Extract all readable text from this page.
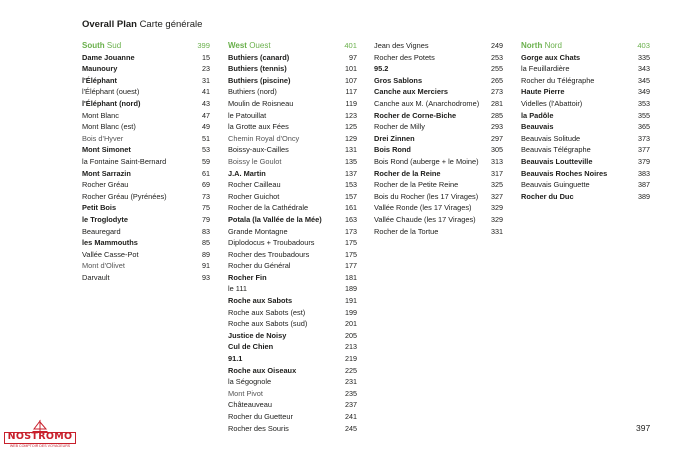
Overall Plan Carte générale
South Sud	399
Dame Jouanne	15
Maunoury	23
l'Éléphant	31
l'Éléphant (ouest)	41
l'Éléphant (nord)	43
Mont Blanc	47
Mont Blanc (est)	49
Bois d'Hyver	51
Mont Simonet	53
la Fontaine Saint-Bernard	59
Mont Sarrazin	61
Rocher Gréau	69
Rocher Gréau (Pyrénées)	73
Petit Bois	75
le Troglodyte	79
Beauregard	83
les Mammouths	85
Vallée Casse-Pot	89
Mont d'Olivet	91
Darvault	93
West Ouest	401
Buthiers (canard)	97
Buthiers (tennis)	101
Buthiers (piscine)	107
Buthiers (nord)	117
Moulin de Roisneau	119
le Patouillat	123
la Grotte aux Fées	125
Chemin Royal d'Oncy	129
Boissy-aux-Cailles	131
Boissy le Goulot	135
J.A. Martin	137
Rocher Cailleau	153
Rocher Guichot	157
Rocher de la Cathédrale	161
Potala (la Vallée de la Mée)	163
Grande Montagne	173
Diplodocus + Troubadours	175
Rocher des Troubadours	175
Rocher du Général	177
Rocher Fin	181
le 111	189
Roche aux Sabots	191
Roche aux Sabots (est)	199
Roche aux Sabots (sud)	201
Justice de Noisy	205
Cul de Chien	213
91.1	219
Roche aux Oiseaux	225
la Ségognole	231
Mont Pivot	235
Châteauveau	237
Rocher du Guetteur	241
Rocher des Souris	245
Jean des Vignes	249
Rocher des Potets	253
95.2	255
Gros Sablons	265
Canche aux Merciers	273
Canche aux M. (Anarchodrome) 281
Rocher de Corne-Biche	285
Rocher de Milly	293
Drei Zinnen	297
Bois Rond	305
Bois Rond (auberge + le Moine) 313
Rocher de la Reine	317
Rocher de la Petite Reine	325
Bois du Rocher (les 17 Virages) 327
Vallée Ronde (les 17 Virages)	329
Vallée Chaude (les 17 Virages) 329
Rocher de la Tortue	331
North Nord	403
Gorge aux Chats	335
la Feuillardière	343
Rocher du Télégraphe	345
Haute Pierre	349
Videlles (l'Abattoir)	353
la Padôle	355
Beauvais	365
Beauvais Solitude	373
Beauvais Télégraphe	377
Beauvais Loutteville	379
Beauvais Roches Noires	383
Beauvais Guinguette	387
Rocher du Duc	389
397
NOSTROMO
WEB COMPTOIR DES VOYAGEURS
